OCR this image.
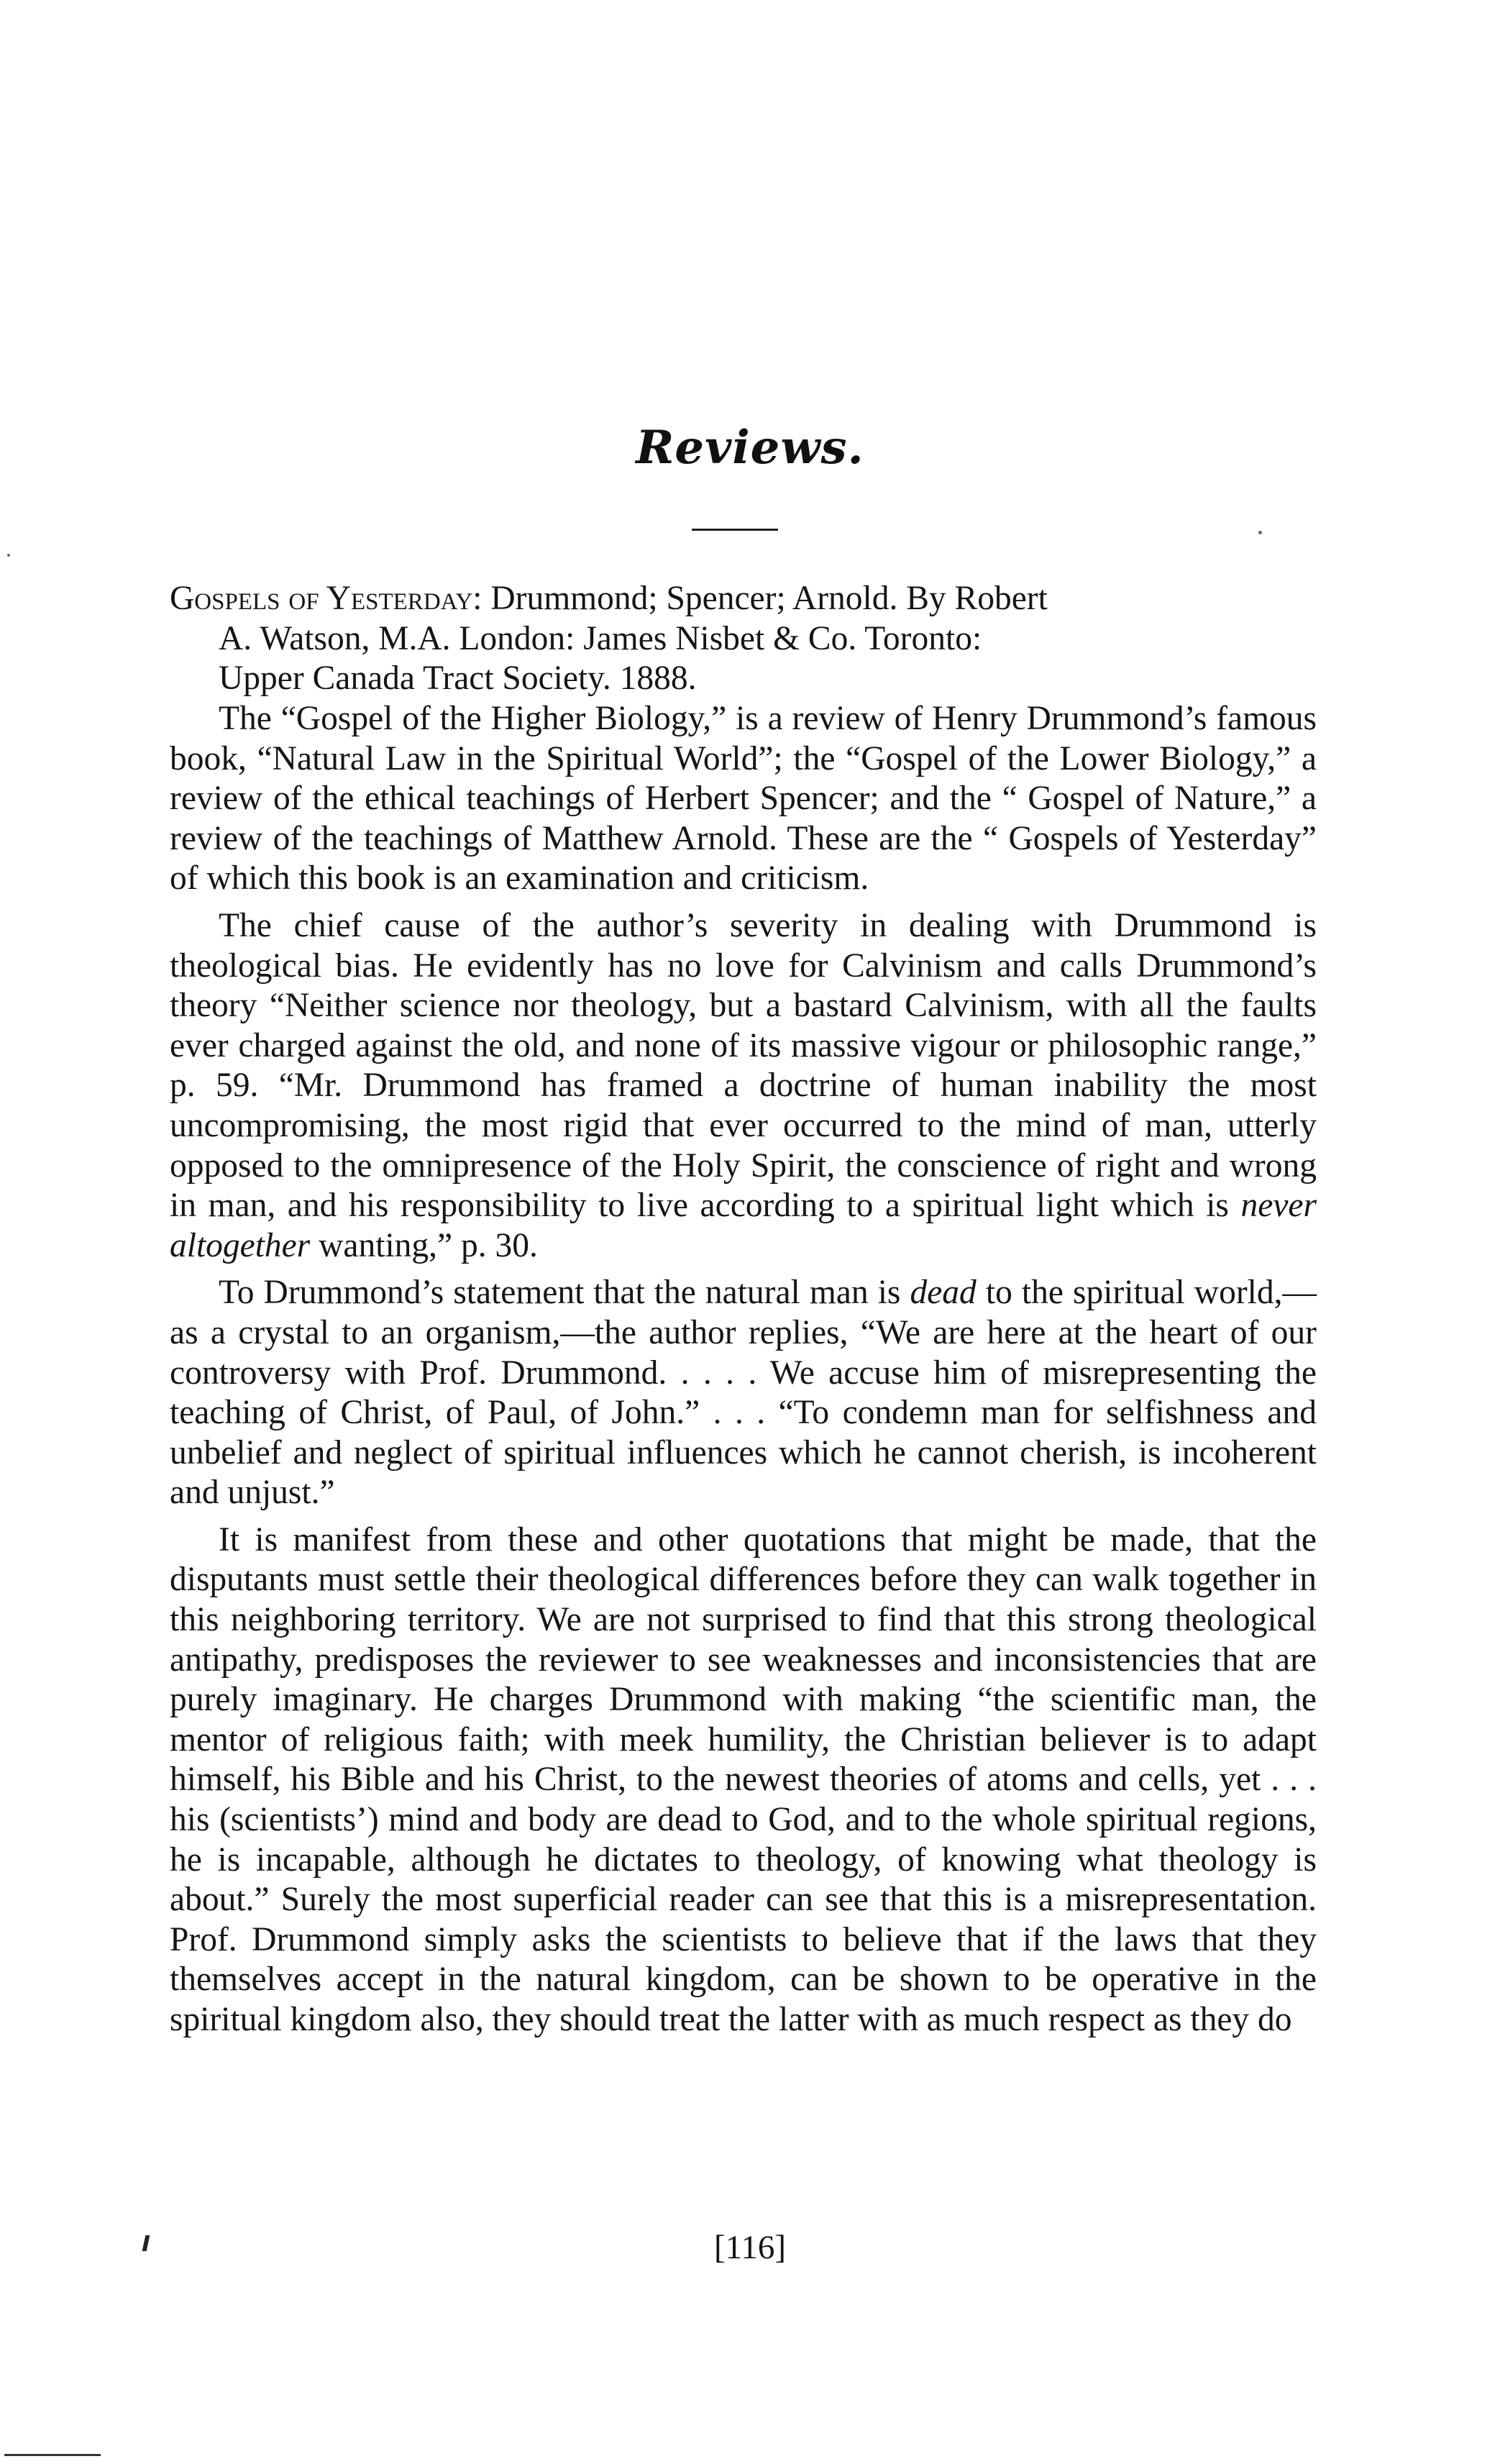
Reviews.

Gospels of Yesterday: Drummond; Spencer; Arnold. By Robert

A. Watson, M.A. London: James Nisbet & Co. Toronto:

Upper Canada Tract Society. 1888.

The “Gospel of the Higher Biology,” is a review of Henry Drummond’s famous book, “Natural Law in the Spiritual World”; the “Gospel of the Lower Biology,” a review of the ethical teachings of Herbert Spencer; and the “ Gospel of Nature,” a review of the teachings of Matthew Arnold. These are the “ Gospels of Yesterday” of which this book is an examination and criticism.

The chief cause of the author’s severity in dealing with Drummond is theological bias. He evidently has no love for Calvinism and calls Drummond’s theory “Neither science nor theology, but a bastard Calvinism, with all the faults ever charged against the old, and none of its massive vigour or philosophic range,” p. 59. “Mr. Drummond has framed a doctrine of human inability the most uncompromising, the most rigid that ever occurred to the mind of man, utterly opposed to the omnipresence of the Holy Spirit, the conscience of right and wrong in man, and his responsibility to live according to a spiritual light which is never altogether wanting,” p. 30.

To Drummond’s statement that the natural man is dead to the spiritual world,—as a crystal to an organism,—the author replies, “We are here at the heart of our controversy with Prof. Drummond. . . . . We accuse him of misrepresenting the teaching of Christ, of Paul, of John.” . . . “To condemn man for selfishness and unbelief and neglect of spiritual influences which he cannot cherish, is incoherent and unjust.”

It is manifest from these and other quotations that might be made, that the disputants must settle their theological differences before they can walk together in this neighboring territory. We are not surprised to find that this strong theological antipathy, predisposes the reviewer to see weaknesses and inconsistencies that are purely imaginary. He charges Drummond with making “the scientific man, the mentor of religious faith; with meek humility, the Christian believer is to adapt himself, his Bible and his Christ, to the newest theories of atoms and cells, yet . . . his (scientists’) mind and body are dead to God, and to the whole spiritual regions, he is incapable, although he dictates to theology, of knowing what theology is about.” Surely the most superficial reader can see that this is a misrepresentation. Prof. Drummond simply asks the scientists to believe that if the laws that they themselves accept in the natural kingdom, can be shown to be operative in the spiritual kingdom also, they should treat the latter with as much respect as they do

[116]
